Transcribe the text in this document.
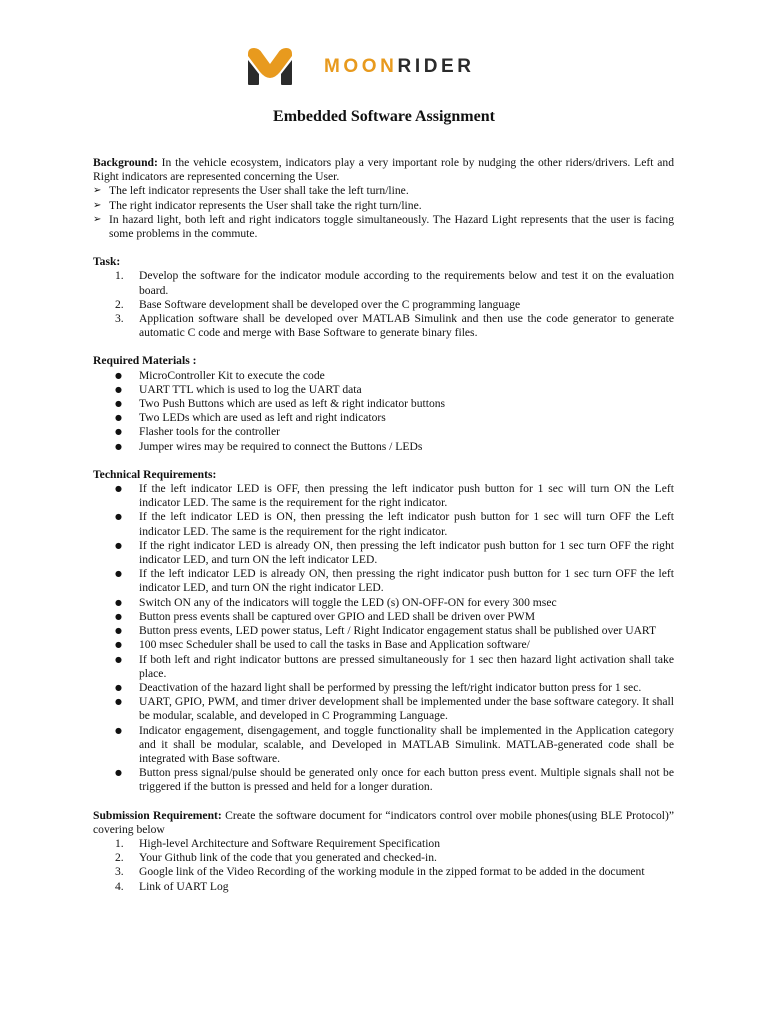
MOONRIDER
Embedded Software Assignment

Background: In the vehicle ecosystem, indicators play a very important role by nudging the other riders/drivers. Left and Right indicators are represented concerning the User.

➢ The left indicator represents the User shall take the left turn/line.
➢ The right indicator represents the User shall take the right turn/line.
➢ In hazard light, both left and right indicators toggle simultaneously. The Hazard Light represents that the user is facing some problems in the commute.

Task:

1. Develop the software for the indicator module according to the requirements below and test it on the evaluation board.
2. Base Software development shall be developed over the C programming language
3. Application software shall be developed over MATLAB Simulink and then use the code generator to generate automatic C code and merge with Base Software to generate binary files.

Required Materials :

● MicroController Kit to execute the code
● UART TTL which is used to log the UART data
● Two Push Buttons which are used as left & right indicator buttons
● Two LEDs which are used as left and right indicators
● Flasher tools for the controller
● Jumper wires may be required to connect the Buttons / LEDs

Technical Requirements:

● If the left indicator LED is OFF, then pressing the left indicator push button for 1 sec will turn ON the Left indicator LED. The same is the requirement for the right indicator.
● If the left indicator LED is ON, then pressing the left indicator push button for 1 sec will turn OFF the Left indicator LED. The same is the requirement for the right indicator.
● If the right indicator LED is already ON, then pressing the left indicator push button for 1 sec turn OFF the right indicator LED, and turn ON the left indicator LED.
● If the left indicator LED is already ON, then pressing the right indicator push button for 1 sec turn OFF the left indicator LED, and turn ON the right indicator LED.
● Switch ON any of the indicators will toggle the LED (s) ON-OFF-ON for every 300 msec
● Button press events shall be captured over GPIO and LED shall be driven over PWM
● Button press events, LED power status, Left / Right Indicator engagement status shall be published over UART
● 100 msec Scheduler shall be used to call the tasks in Base and Application software/
● If both left and right indicator buttons are pressed simultaneously for 1 sec then hazard light activation shall take place.
● Deactivation of the hazard light shall be performed by pressing the left/right indicator button press for 1 sec.
● UART, GPIO, PWM, and timer driver development shall be implemented under the base software category. It shall be modular, scalable, and developed in C Programming Language.
● Indicator engagement, disengagement, and toggle functionality shall be implemented in the Application category and it shall be modular, scalable, and Developed in MATLAB Simulink. MATLAB-generated code shall be integrated with Base software.
● Button press signal/pulse should be generated only once for each button press event. Multiple signals shall not be triggered if the button is pressed and held for a longer duration.

Submission Requirement: Create the software document for “indicators control over mobile phones(using BLE Protocol)” covering below

1. High-level Architecture and Software Requirement Specification
2. Your Github link of the code that you generated and checked-in.
3. Google link of the Video Recording of the working module in the zipped format to be added in the document
4. Link of UART Log
